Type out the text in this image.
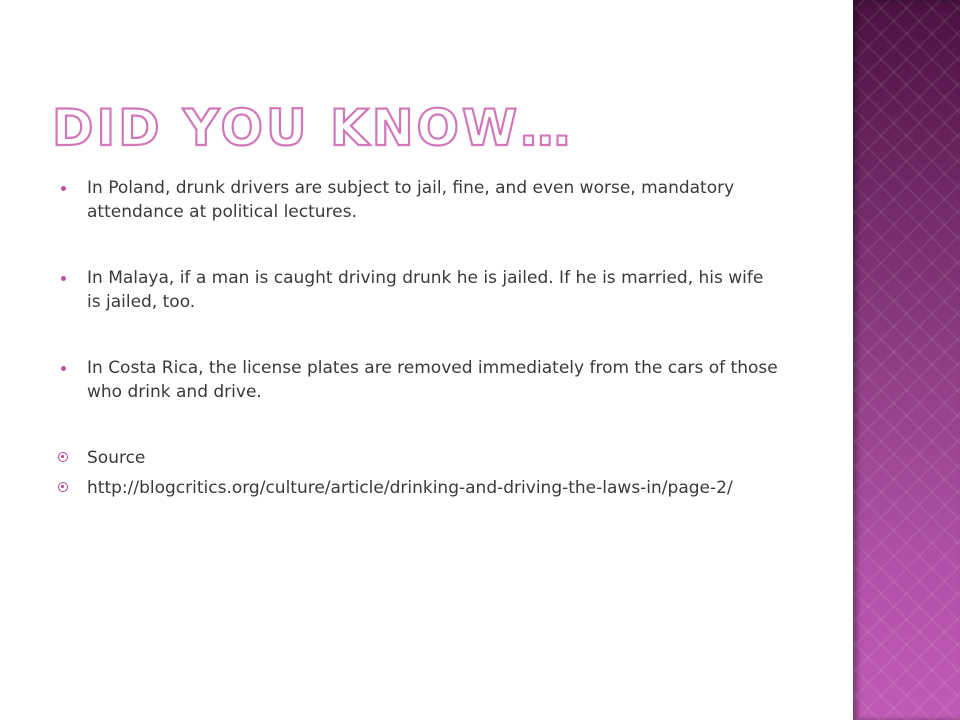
DID YOU KNOW…
In Poland, drunk drivers are subject to jail, fine, and even worse, mandatory attendance at political lectures.
In Malaya, if a man is caught driving drunk he is jailed. If he is married, his wife is jailed, too.
In Costa Rica, the license plates are removed immediately from the cars of those who drink and drive.
Source
http://blogcritics.org/culture/article/drinking-and-driving-the-laws-in/page-2/
